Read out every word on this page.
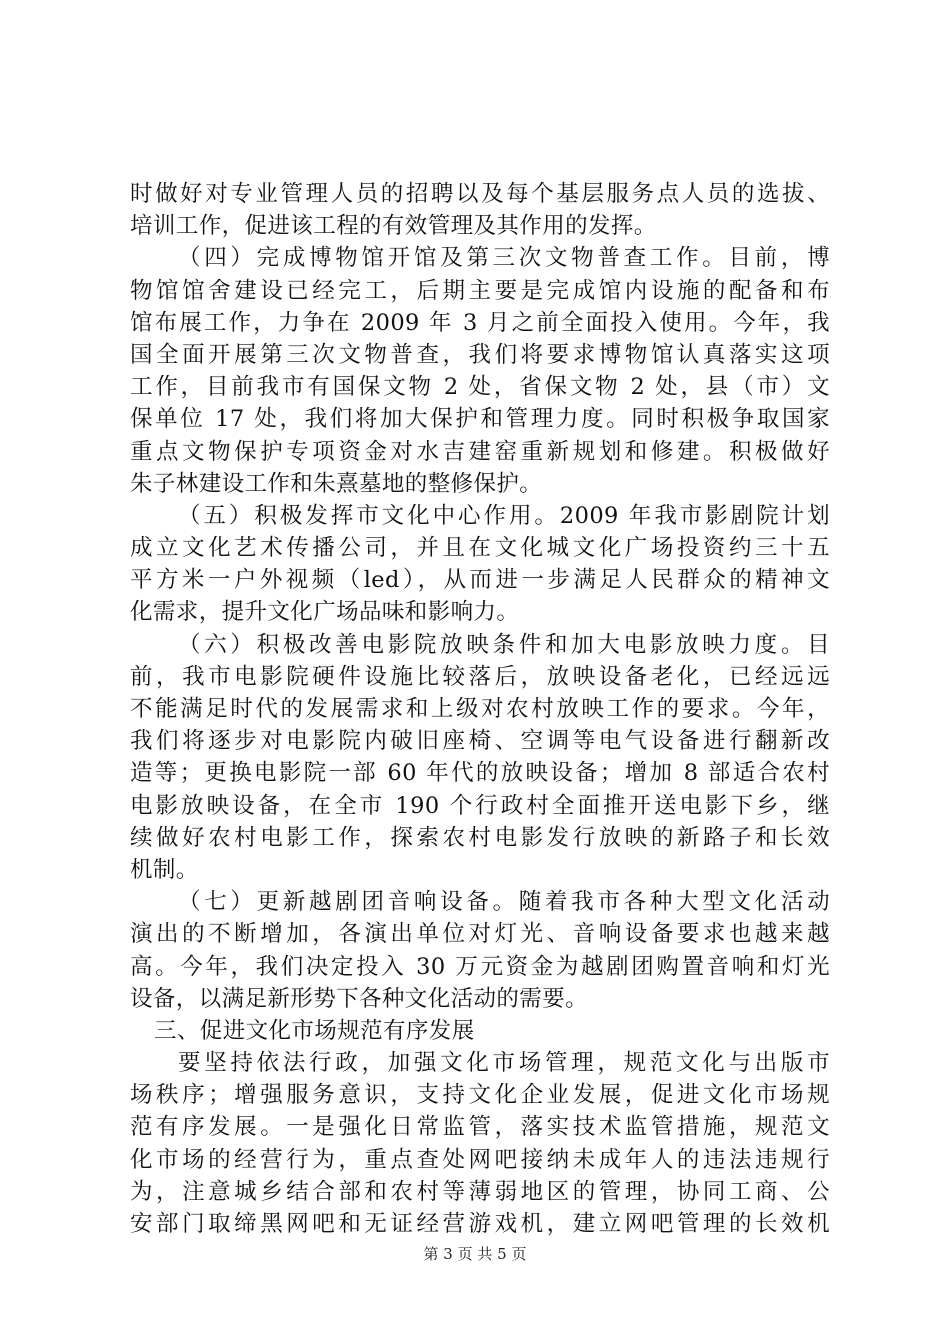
时做好对专业管理人员的招聘以及每个基层服务点人员的选拔、
培训工作，促进该工程的有效管理及其作用的发挥。
（四）完成博物馆开馆及第三次文物普查工作。目前，博
物馆馆舍建设已经完工，后期主要是完成馆内设施的配备和布
馆布展工作，力争在 2009 年 3 月之前全面投入使用。今年，我
国全面开展第三次文物普查，我们将要求博物馆认真落实这项
工作，目前我市有国保文物 2 处，省保文物 2 处，县（市）文
保单位 17 处，我们将加大保护和管理力度。同时积极争取国家
重点文物保护专项资金对水吉建窑重新规划和修建。积极做好
朱子林建设工作和朱熹墓地的整修保护。
（五）积极发挥市文化中心作用。2009 年我市影剧院计划
成立文化艺术传播公司，并且在文化城文化广场投资约三十五
平方米一户外视频（led），从而进一步满足人民群众的精神文
化需求，提升文化广场品味和影响力。
（六）积极改善电影院放映条件和加大电影放映力度。目
前，我市电影院硬件设施比较落后，放映设备老化，已经远远
不能满足时代的发展需求和上级对农村放映工作的要求。今年，
我们将逐步对电影院内破旧座椅、空调等电气设备进行翻新改
造等；更换电影院一部 60 年代的放映设备；增加 8 部适合农村
电影放映设备，在全市 190 个行政村全面推开送电影下乡，继
续做好农村电影工作，探索农村电影发行放映的新路子和长效
机制。
（七）更新越剧团音响设备。随着我市各种大型文化活动
演出的不断增加，各演出单位对灯光、音响设备要求也越来越
高。今年，我们决定投入 30 万元资金为越剧团购置音响和灯光
设备，以满足新形势下各种文化活动的需要。
三、促进文化市场规范有序发展
要坚持依法行政，加强文化市场管理，规范文化与出版市
场秩序；增强服务意识，支持文化企业发展，促进文化市场规
范有序发展。一是强化日常监管，落实技术监管措施，规范文
化市场的经营行为，重点查处网吧接纳未成年人的违法违规行
为，注意城乡结合部和农村等薄弱地区的管理，协同工商、公
安部门取缔黑网吧和无证经营游戏机，建立网吧管理的长效机
第 3 页 共 5 页
